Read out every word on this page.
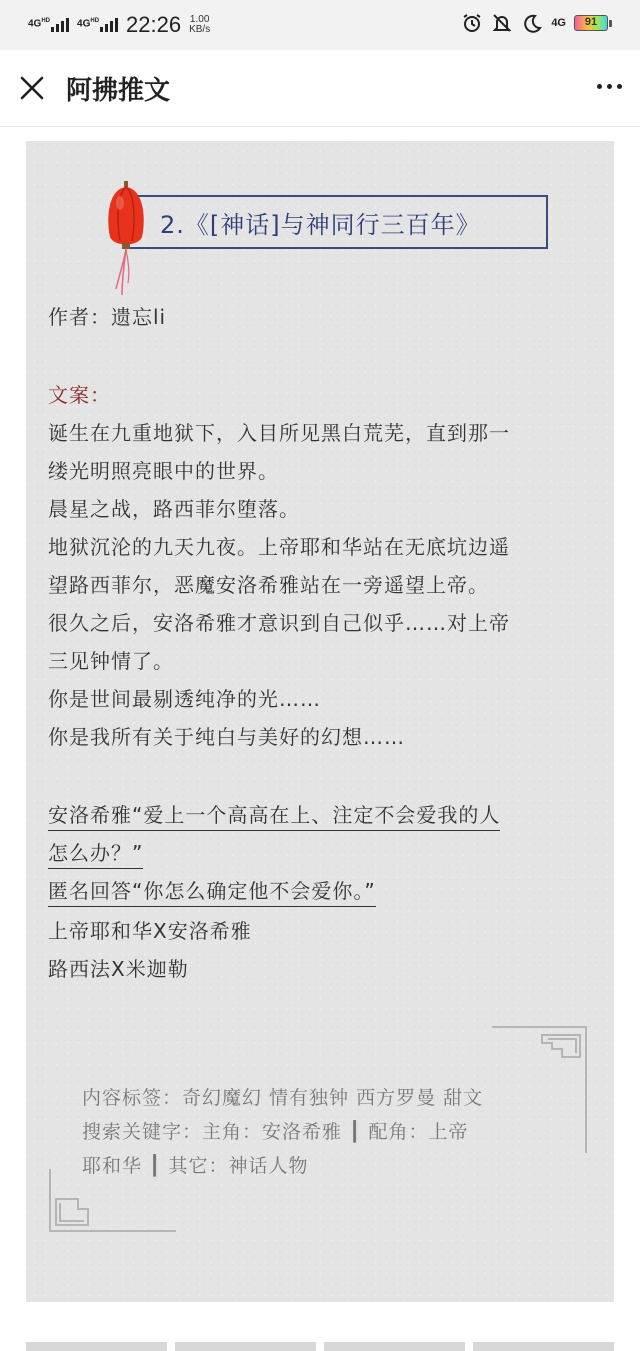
$4G^{HD}$	$4G^{HD}$ 22:26 1.00
KB/s
4G	91
阿拂推文
2.《[神话]与神同行三百年》
作者：遗忘li
文案：
诞生在九重地狱下，入目所见黑白荒芜，直到那一
缕光明照亮眼中的世界。
晨星之战，路西菲尔堕落。
地狱沉沦的九天九夜。上帝耶和华站在无底坑边遥
望路西菲尔，恶魔安洛希雅站在一旁遥望上帝。
很久之后，安洛希雅才意识到自己似乎……对上帝
三见钟情了。
你是世间最剔透纯净的光……
你是我所有关于纯白与美好的幻想……
安洛希雅“爱上一个高高在上、注定不会爱我的人
怎么办？”
匿名回答“你怎么确定他不会爱你。”
上帝耶和华X安洛希雅
路西法X米迦勒
内容标签：奇幻魔幻 情有独钟 西方罗曼 甜文
搜索关键字：主角：安洛希雅 ┃ 配角：上帝
耶和华 ┃ 其它：神话人物
